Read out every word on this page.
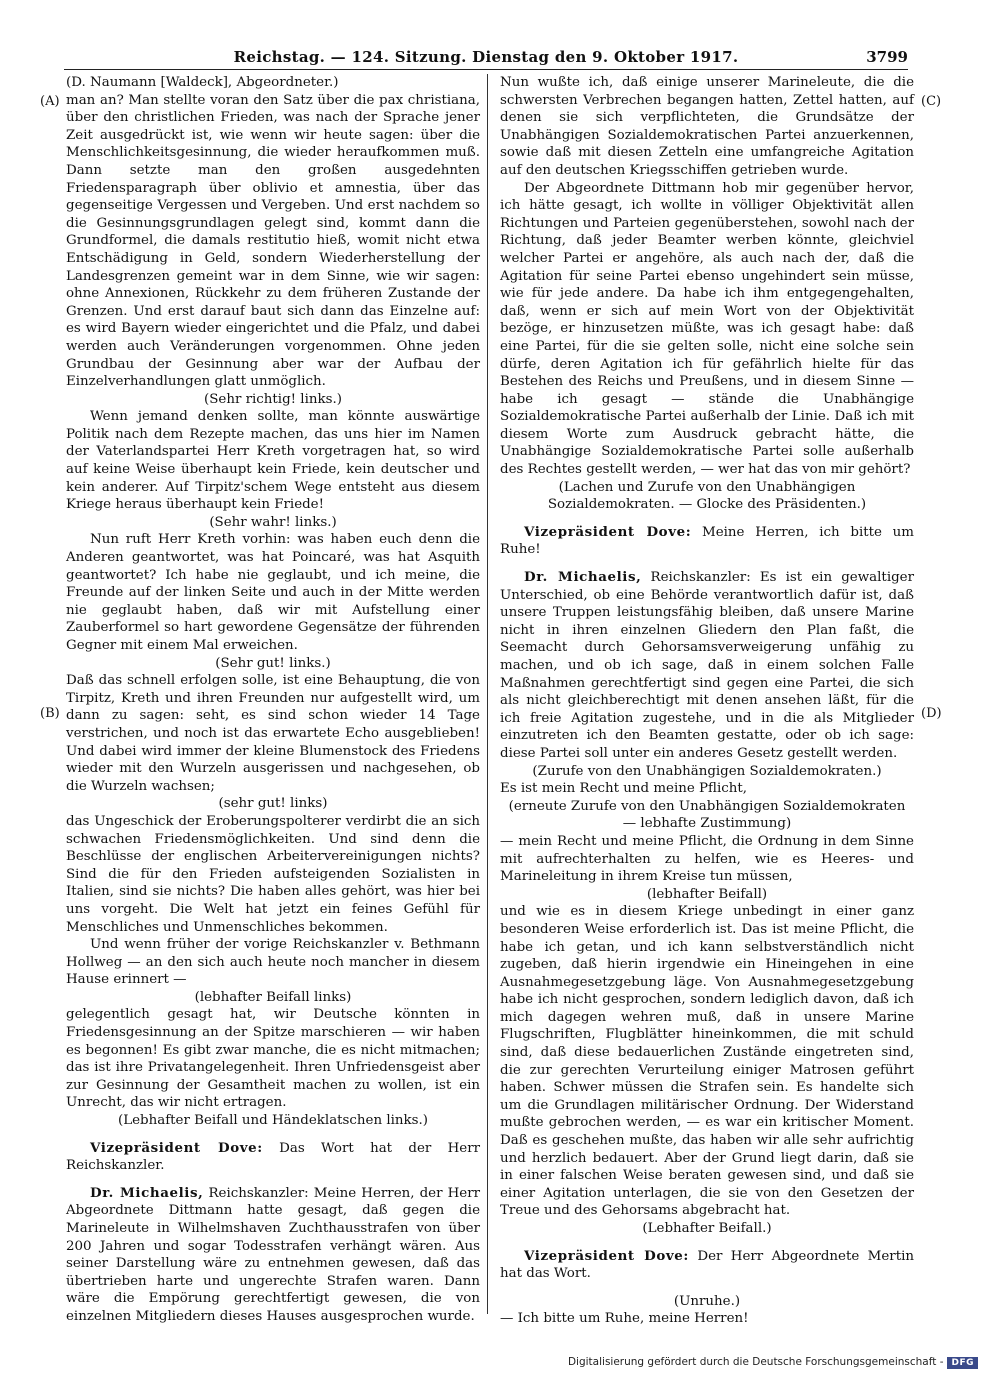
Reichstag. — 124. Sitzung. Dienstag den 9. Oktober 1917.	3799
(A)
(B)
(C)
(D)
(D. Naumann [Waldeck], Abgeordneter.)
man an? Man stellte voran den Satz über die pax christiana, über den christlichen Frieden, was nach der Sprache jener Zeit ausgedrückt ist, wie wenn wir heute sagen: über die Menschlichkeitsgesinnung, die wieder heraufkommen muß. Dann setzte man den großen ausgedehnten Friedensparagraph über oblivio et amnestia, über das gegenseitige Vergessen und Vergeben. Und erst nachdem so die Gesinnungsgrundlagen gelegt sind, kommt dann die Grundformel, die damals restitutio hieß, womit nicht etwa Entschädigung in Geld, sondern Wiederherstellung der Landesgrenzen gemeint war in dem Sinne, wie wir sagen: ohne Annexionen, Rückkehr zu dem früheren Zustande der Grenzen. Und erst darauf baut sich dann das Einzelne auf: es wird Bayern wieder eingerichtet und die Pfalz, und dabei werden auch Veränderungen vorgenommen. Ohne jeden Grundbau der Gesinnung aber war der Aufbau der Einzelverhandlungen glatt unmöglich.
(Sehr richtig! links.)
Wenn jemand denken sollte, man könnte auswärtige Politik nach dem Rezepte machen, das uns hier im Namen der Vaterlandspartei Herr Kreth vorgetragen hat, so wird auf keine Weise überhaupt kein Friede, kein deutscher und kein anderer. Auf Tirpitz'schem Wege entsteht aus diesem Kriege heraus überhaupt kein Friede!
(Sehr wahr! links.)
Nun ruft Herr Kreth vorhin: was haben euch denn die Anderen geantwortet, was hat Poincaré, was hat Asquith geantwortet? Ich habe nie geglaubt, und ich meine, die Freunde auf der linken Seite und auch in der Mitte werden nie geglaubt haben, daß wir mit Aufstellung einer Zauberformel so hart gewordene Gegensätze der führenden Gegner mit einem Mal erweichen.
(Sehr gut! links.)
Daß das schnell erfolgen solle, ist eine Behauptung, die von Tirpitz, Kreth und ihren Freunden nur aufgestellt wird, um dann zu sagen: seht, es sind schon wieder 14 Tage verstrichen, und noch ist das erwartete Echo ausgeblieben! Und dabei wird immer der kleine Blumenstock des Friedens wieder mit den Wurzeln ausgerissen und nachgesehen, ob die Wurzeln wachsen;
(sehr gut! links)
das Ungeschick der Eroberungspolterer verdirbt die an sich schwachen Friedensmöglichkeiten. Und sind denn die Beschlüsse der englischen Arbeitervereinigungen nichts? Sind die für den Frieden aufsteigenden Sozialisten in Italien, sind sie nichts? Die haben alles gehört, was hier bei uns vorgeht. Die Welt hat jetzt ein feines Gefühl für Menschliches und Unmenschliches bekommen.
Und wenn früher der vorige Reichskanzler v. Bethmann Hollweg — an den sich auch heute noch mancher in diesem Hause erinnert —
(lebhafter Beifall links)
gelegentlich gesagt hat, wir Deutsche könnten in Friedensgesinnung an der Spitze marschieren — wir haben es begonnen! Es gibt zwar manche, die es nicht mitmachen; das ist ihre Privatangelegenheit. Ihren Unfriedensgeist aber zur Gesinnung der Gesamtheit machen zu wollen, ist ein Unrecht, das wir nicht ertragen.
(Lebhafter Beifall und Händeklatschen links.)
Vizepräsident Dove: Das Wort hat der Herr Reichskanzler.
Dr. Michaelis, Reichskanzler: Meine Herren, der Herr Abgeordnete Dittmann hatte gesagt, daß gegen die Marineleute in Wilhelmshaven Zuchthausstrafen von über 200 Jahren und sogar Todesstrafen verhängt wären. Aus seiner Darstellung wäre zu entnehmen gewesen, daß das übertrieben harte und ungerechte Strafen waren. Dann wäre die Empörung gerechtfertigt gewesen, die von einzelnen Mitgliedern dieses Hauses ausgesprochen wurde.
Nun wußte ich, daß einige unserer Marineleute, die die schwersten Verbrechen begangen hatten, Zettel hatten, auf denen sie sich verpflichteten, die Grundsätze der Unabhängigen Sozialdemokratischen Partei anzuerkennen, sowie daß mit diesen Zetteln eine umfangreiche Agitation auf den deutschen Kriegsschiffen getrieben wurde.
Der Abgeordnete Dittmann hob mir gegenüber hervor, ich hätte gesagt, ich wollte in völliger Objektivität allen Richtungen und Parteien gegenüberstehen, sowohl nach der Richtung, daß jeder Beamter werben könnte, gleichviel welcher Partei er angehöre, als auch nach der, daß die Agitation für seine Partei ebenso ungehindert sein müsse, wie für jede andere. Da habe ich ihm entgegengehalten, daß, wenn er sich auf mein Wort von der Objektivität bezöge, er hinzusetzen müßte, was ich gesagt habe: daß eine Partei, für die sie gelten solle, nicht eine solche sein dürfe, deren Agitation ich für gefährlich hielte für das Bestehen des Reichs und Preußens, und in diesem Sinne — habe ich gesagt — stände die Unabhängige Sozialdemokratische Partei außerhalb der Linie. Daß ich mit diesem Worte zum Ausdruck gebracht hätte, die Unabhängige Sozialdemokratische Partei solle außerhalb des Rechtes gestellt werden, — wer hat das von mir gehört?
(Lachen und Zurufe von den Unabhängigen Sozialdemokraten. — Glocke des Präsidenten.)
Vizepräsident Dove: Meine Herren, ich bitte um Ruhe!
Dr. Michaelis, Reichskanzler: Es ist ein gewaltiger Unterschied, ob eine Behörde verantwortlich dafür ist, daß unsere Truppen leistungsfähig bleiben, daß unsere Marine nicht in ihren einzelnen Gliedern den Plan faßt, die Seemacht durch Gehorsamsverweigerung unfähig zu machen, und ob ich sage, daß in einem solchen Falle Maßnahmen gerechtfertigt sind gegen eine Partei, die sich als nicht gleichberechtigt mit denen ansehen läßt, für die ich freie Agitation zugestehe, und in die als Mitglieder einzutreten ich den Beamten gestatte, oder ob ich sage: diese Partei soll unter ein anderes Gesetz gestellt werden.
(Zurufe von den Unabhängigen Sozialdemokraten.)
Es ist mein Recht und meine Pflicht,
(erneute Zurufe von den Unabhängigen Sozialdemokraten — lebhafte Zustimmung)
— mein Recht und meine Pflicht, die Ordnung in dem Sinne mit aufrechterhalten zu helfen, wie es Heeres- und Marineleitung in ihrem Kreise tun müssen,
(lebhafter Beifall)
und wie es in diesem Kriege unbedingt in einer ganz besonderen Weise erforderlich ist. Das ist meine Pflicht, die habe ich getan, und ich kann selbstverständlich nicht zugeben, daß hierin irgendwie ein Hineingehen in eine Ausnahmegesetzgebung läge. Von Ausnahmegesetzgebung habe ich nicht gesprochen, sondern lediglich davon, daß ich mich dagegen wehren muß, daß in unsere Marine Flugschriften, Flugblätter hineinkommen, die mit schuld sind, daß diese bedauerlichen Zustände eingetreten sind, die zur gerechten Verurteilung einiger Matrosen geführt haben. Schwer müssen die Strafen sein. Es handelte sich um die Grundlagen militärischer Ordnung. Der Widerstand mußte gebrochen werden, — es war ein kritischer Moment. Daß es geschehen mußte, das haben wir alle sehr aufrichtig und herzlich bedauert. Aber der Grund liegt darin, daß sie in einer falschen Weise beraten gewesen sind, und daß sie einer Agitation unterlagen, die sie von den Gesetzen der Treue und des Gehorsams abgebracht hat.
(Lebhafter Beifall.)
Vizepräsident Dove: Der Herr Abgeordnete Mertin hat das Wort.
(Unruhe.)
— Ich bitte um Ruhe, meine Herren!
Digitalisierung gefördert durch die Deutsche Forschungsgemeinschaft - DFG
